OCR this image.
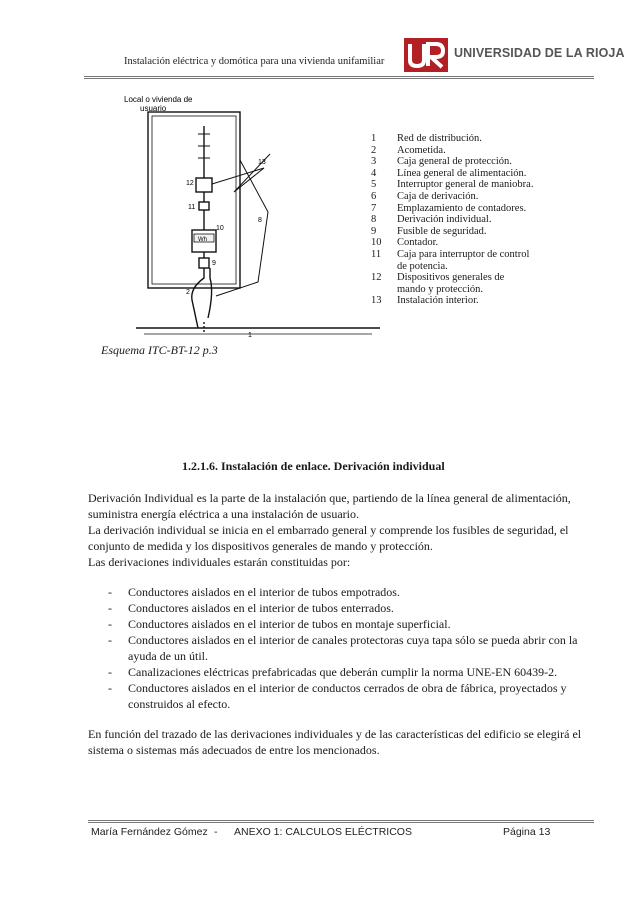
Instalación eléctrica y domótica para una vivienda unifamiliar
UNIVERSIDAD DE LA RIOJA
Wh
Local o vivienda de
usuario
13
12
11
10
9
8
2
1
1	Red de distribución.
2	Acometida.
3	Caja general de protección.
4	Línea general de alimentación.
5	Interruptor general de maniobra.
6	Caja de derivación.
7	Emplazamiento de contadores.
8	Derivación individual.
9	Fusible de seguridad.
10	Contador.
11	Caja para interruptor de control
de potencia.
12	Dispositivos generales de
mando y protección.
13	Instalación interior.
Esquema ITC-BT-12 p.3
1.2.1.6. Instalación de enlace. Derivación individual

Derivación Individual es la parte de la instalación que, partiendo de la línea general de alimentación, suministra energía eléctrica a una instalación de usuario.

La derivación individual se inicia en el embarrado general y comprende los fusibles de seguridad, el conjunto de medida y los dispositivos generales de mando y protección.

Las derivaciones individuales estarán constituidas por:

- Conductores aislados en el interior de tubos empotrados.
- Conductores aislados en el interior de tubos enterrados.
- Conductores aislados en el interior de tubos en montaje superficial.
- Conductores aislados en el interior de canales protectoras cuya tapa sólo se pueda abrir con la ayuda de un útil.
- Canalizaciones eléctricas prefabricadas que deberán cumplir la norma UNE-EN 60439-2.
- Conductores aislados en el interior de conductos cerrados de obra de fábrica, proyectados y construidos al efecto.

En función del trazado de las derivaciones individuales y de las características del edificio se elegirá el sistema o sistemas más adecuados de entre los mencionados.

María Fernández Gómez - ANEXO 1: CALCULOS ELÉCTRICOS	Página 13
